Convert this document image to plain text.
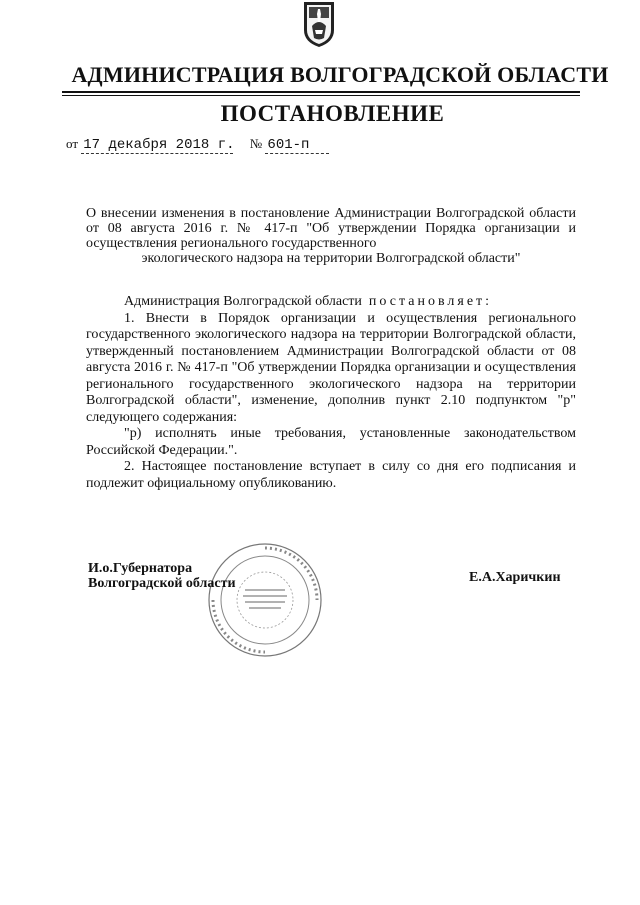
АДМИНИСТРАЦИЯ ВОЛГОГРАДСКОЙ ОБЛАСТИ
ПОСТАНОВЛЕНИЕ
от 17 декабря 2018 г. № 601-п
О внесении изменения в постановление Администрации Волгоградской области от 08 августа 2016 г. № 417-п "Об утверждении Порядка организации и осуществления регионального государственного
экологического надзора на территории Волгоградской области"

Администрация Волгоградской области постановляет:

1. Внести в Порядок организации и осуществления регионального государственного экологического надзора на территории Волгоградской области, утвержденный постановлением Администрации Волгоградской области от 08 августа 2016 г. № 417-п "Об утверждении Порядка организации и осуществления регионального государственного экологического надзора на территории Волгоградской области", изменение, дополнив пункт 2.10 подпунктом "р" следующего содержания:

"р) исполнять иные требования, установленные законодательством Российской Федерации.".

2. Настоящее постановление вступает в силу со дня его подписания и подлежит официальному опубликованию.

И.о.Губернатора
Волгоградской области	Е.А.Харичкин
